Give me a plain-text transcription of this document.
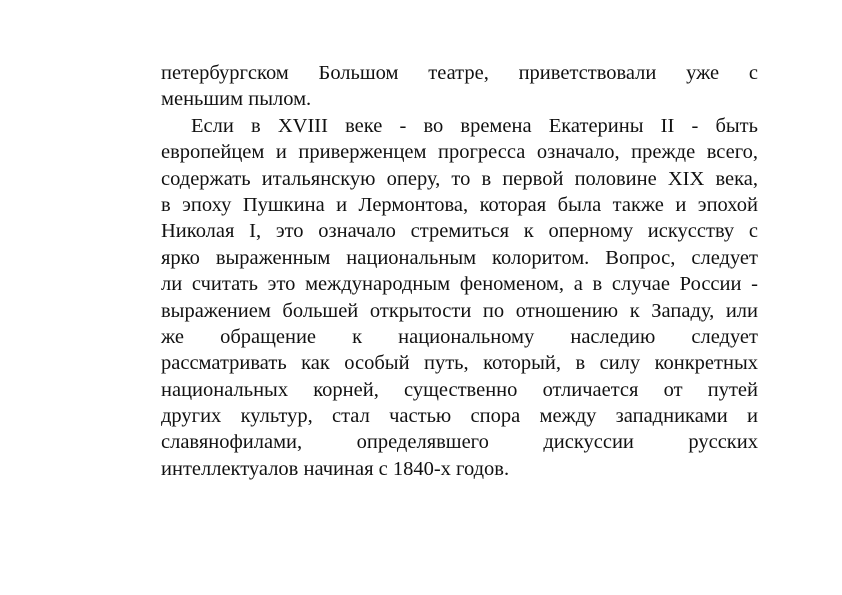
петербургском Большом театре, приветствовали уже с
меньшим пылом.
Если в XVIII веке - во времена Екатерины II - быть
европейцем и приверженцем прогресса означало, прежде всего,
содержать итальянскую оперу, то в первой половине XIX века,
в эпоху Пушкина и Лермонтова, которая была также и эпохой
Николая I, это означало стремиться к оперному искусству с
ярко выраженным национальным колоритом. Вопрос, следует
ли считать это международным феноменом, а в случае России -
выражением большей открытости по отношению к Западу, или
же обращение к национальному наследию следует
рассматривать как особый путь, который, в силу конкретных
национальных корней, существенно отличается от путей
других культур, стал частью спора между западниками и
славянофилами, определявшего дискуссии русских
интеллектуалов начиная с 1840-х годов.
